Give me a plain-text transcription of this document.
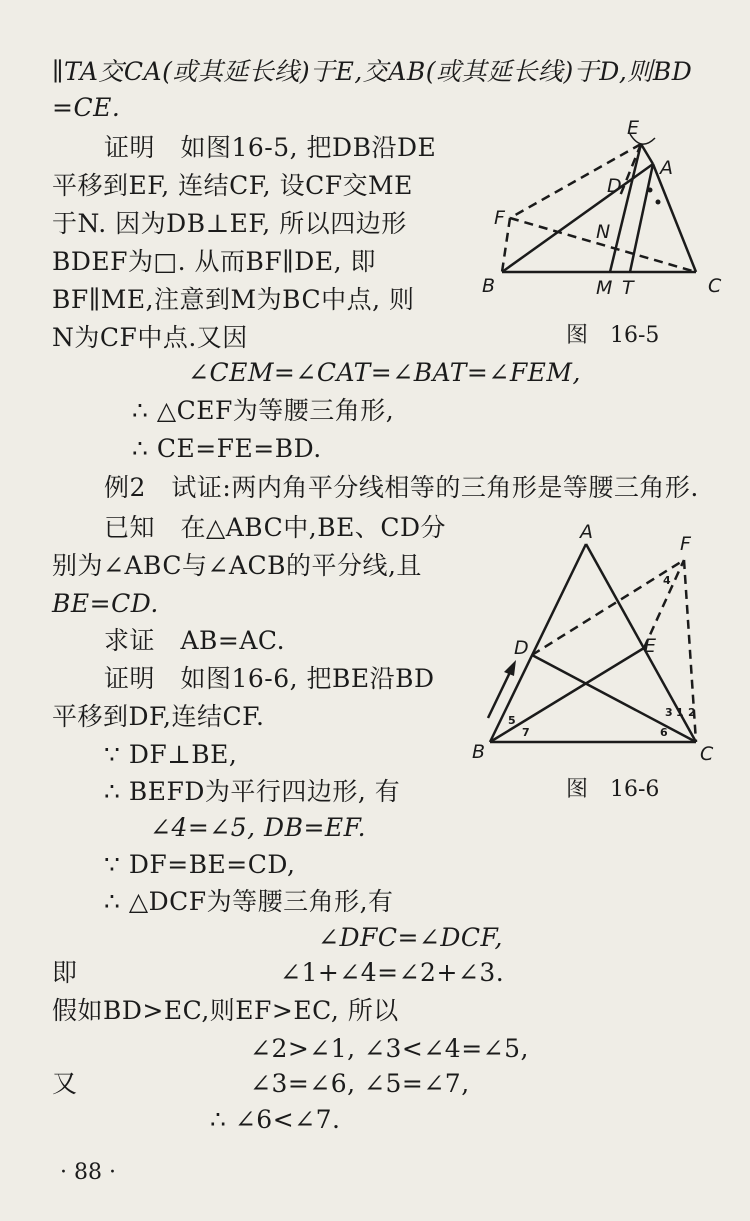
∥TA交CA(或其延长线)于E,交AB(或其延长线)于D,则BD
=CE.
证明　如图16-5, 把DB沿DE
平移到EF, 连结CF, 设CF交ME
于N. 因为DB⊥EF, 所以四边形
BDEF为□. 从而BF∥DE, 即
BF∥ME,注意到M为BC中点, 则
N为CF中点.又因
∠CEM=∠CAT=∠BAT=∠FEM,
∴ △CEF为等腰三角形,
∴ CE=FE=BD.
例2　试证:两内角平分线相等的三角形是等腰三角形.
已知　在△ABC中,BE、CD分
别为∠ABC与∠ACB的平分线,且
BE=CD.
求证　AB=AC.
证明　如图16-6, 把BE沿BD
平移到DF,连结CF.
∵ DF⊥BE,
∴ BEFD为平行四边形, 有
∠4=∠5, DB=EF.
∵ DF=BE=CD,
∴ △DCF为等腰三角形,有
∠DFC=∠DCF,
即	∠1+∠4=∠2+∠3.
假如BD>EC,则EF>EC, 所以
∠2>∠1, ∠3<∠4=∠5,
又	∠3=∠6, ∠5=∠7,
∴ ∠6<∠7.
E
A
D
F
N
B	M T	C
图　16-5
A
F
D	E
B	C
1 2
3
4
5
6
7
图　16-6
· 88 ·
